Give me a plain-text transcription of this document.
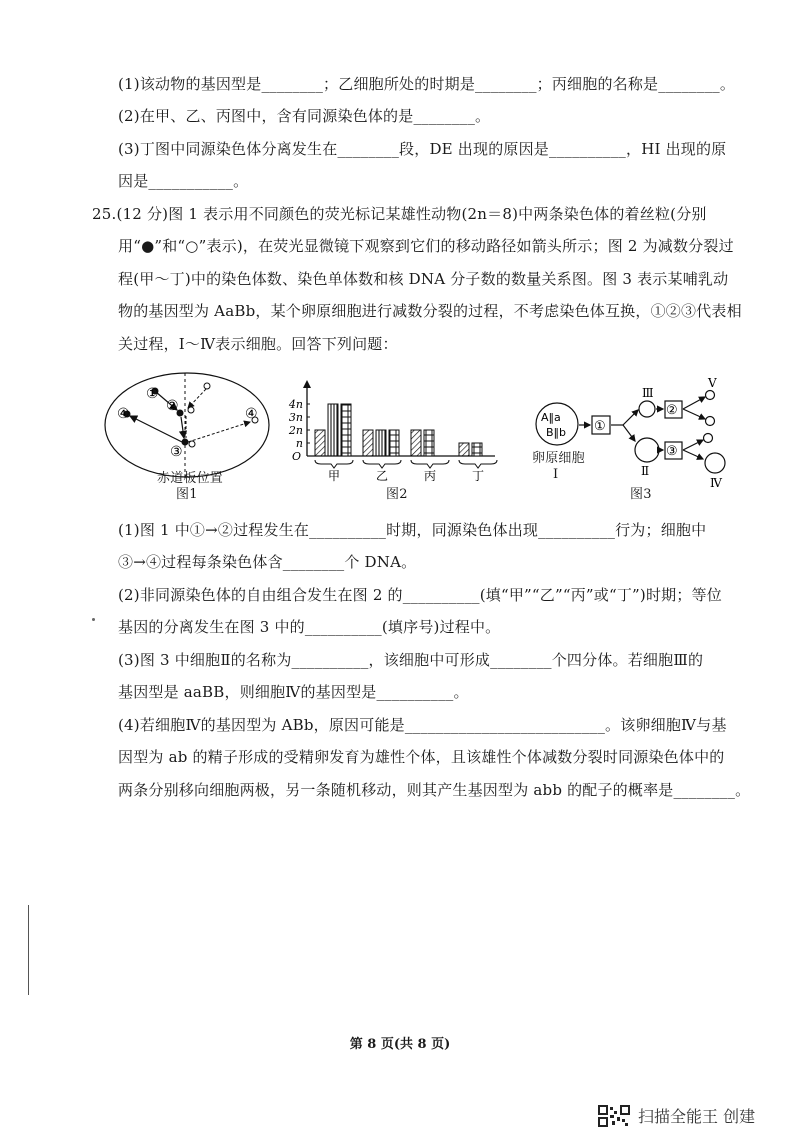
(1)该动物的基因型是________；乙细胞所处的时期是________；丙细胞的名称是________。
(2)在甲、乙、丙图中，含有同源染色体的是________。
(3)丁图中同源染色体分离发生在________段，DE 出现的原因是__________，HI 出现的原
因是___________。
25.(12 分)图 1 表示用不同颜色的荧光标记某雄性动物(2n＝8)中两条染色体的着丝粒(分别
用“●”和“○”表示)，在荧光显微镜下观察到它们的移动路径如箭头所示；图 2 为减数分裂过
程(甲～丁)中的染色体数、染色单体数和核 DNA 分子数的数量关系图。图 3 表示某哺乳动
物的基因型为 AaBb，某个卵原细胞进行减数分裂的过程，不考虑染色体互换，①②③代表相
关过程，Ⅰ～Ⅳ表示细胞。回答下列问题：
①
②
③
④	④
赤道板位置
图1
n
2n
3n
4n
O
甲	乙	丙	丁
图2
A‖a
B‖b ①
Ⅲ
Ⅱ
②
③
Ⅴ
Ⅳ
卵原细胞
Ⅰ
图3
(1)图 1 中①→②过程发生在__________时期，同源染色体出现__________行为；细胞中
③→④过程每条染色体含________个 DNA。
(2)非同源染色体的自由组合发生在图 2 的__________(填“甲”“乙”“丙”或“丁”)时期；等位
基因的分离发生在图 3 中的__________(填序号)过程中。
(3)图 3 中细胞Ⅱ的名称为__________，该细胞中可形成________个四分体。若细胞Ⅲ的
基因型是 aaBB，则细胞Ⅳ的基因型是__________。
(4)若细胞Ⅳ的基因型为 ABb，原因可能是__________________________。该卵细胞Ⅳ与基
因型为 ab 的精子形成的受精卵发育为雄性个体，且该雄性个体减数分裂时同源染色体中的
两条分别移向细胞两极，另一条随机移动，则其产生基因型为 abb 的配子的概率是________。
第 8 页(共 8 页)
扫描全能王 创建
